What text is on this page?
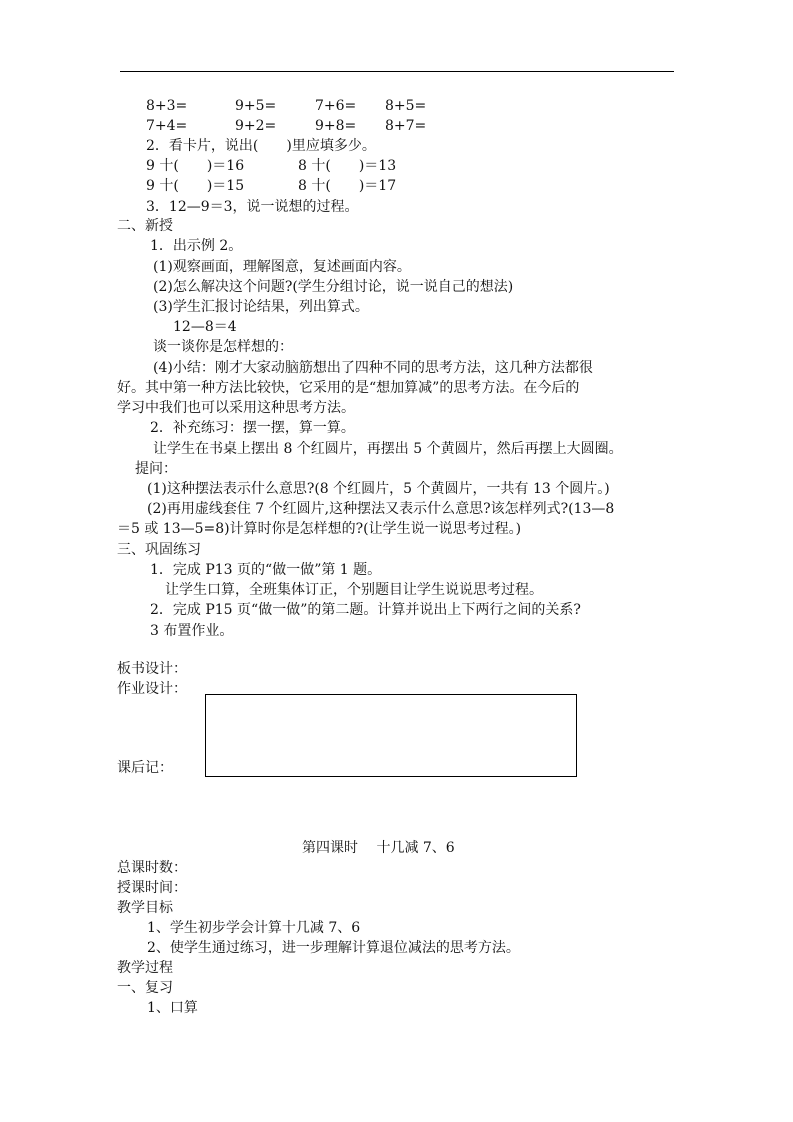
8+3=	9+5=	7+6= 8+5=
7+4=	9+2=	9+8= 8+7=
2．看卡片，说出(　　)里应填多少。
9 十(　　)＝16	8 十(　　)＝13
9 十(　　)＝15	8 十(　　)＝17
3．12—9＝3，说一说想的过程。
二、新授
1．出示例 2。
(1)观察画面，理解图意，复述画面内容。
(2)怎么解决这个问题?(学生分组讨论，说一说自己的想法)
(3)学生汇报讨论结果，列出算式。
12—8＝4
谈一谈你是怎样想的：
(4)小结：刚才大家动脑筋想出了四种不同的思考方法，这几种方法都很
好。其中第一种方法比较快，它采用的是“想加算减”的思考方法。在今后的
学习中我们也可以采用这种思考方法。
2．补充练习：摆一摆，算一算。
让学生在书桌上摆出 8 个红圆片，再摆出 5 个黄圆片，然后再摆上大圆圈。
提问：
(1)这种摆法表示什么意思?(8 个红圆片，5 个黄圆片，一共有 13 个圆片。)
(2)再用虚线套住 7 个红圆片,这种摆法又表示什么意思?该怎样列式?(13—8
＝5 或 13—5=8)计算时你是怎样想的?(让学生说一说思考过程。)
三、巩固练习
1．完成 P13 页的“做一做”第 1 题。
让学生口算，全班集体订正，个别题目让学生说说思考过程。
2．完成 P15 页“做一做”的第二题。计算并说出上下两行之间的关系?
3 布置作业。
板书设计：
作业设计：
课后记：
第四课时　 十几减 7、6
总课时数：
授课时间：
教学目标
1、学生初步学会计算十几减 7、6
2、使学生通过练习，进一步理解计算退位减法的思考方法。
教学过程
一、复习
1、口算
